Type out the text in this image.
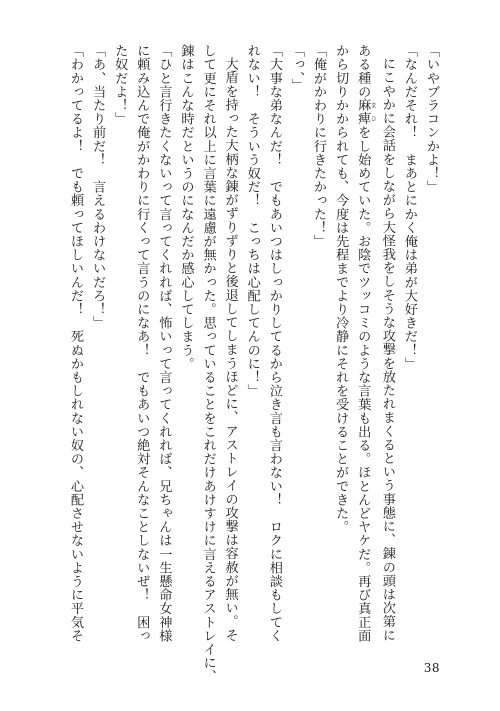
「いやブラコンかよ！」
「なんだそれ！　まあとにかく俺は弟が大好きだ！」
にこやかに会話をしながら大怪我をしそうな攻撃を放たれまくるという事態に、錬の頭は次第に
ある種の麻痺 まひをし始めていた。お陰でツッコミのような言葉も出る。ほとんどヤケだ。再び真正面
から切りかかられても、今度は先程までより冷静にそれを受けることができた。
「俺がかわりに行きたかった！」
「っ、」
「大事な弟なんだ！　でもあいつはしっかりしてるから泣き言も言わない！　ロクに相談もしてく
れない！　そういう奴だ！　こっちは心配してんのに！」
大盾を持った大柄な錬がずりずりと後退してしまうほどに、アストレイの攻撃は容赦が無い。そ
して更にそれ以上に言葉に遠慮が無かった。思っていることをこれだけあけすけに言えるアストレイに、
錬はこんな時だというのになんだか感心してしまう。
「ひと言行きたくないって言ってくれれば、怖いって言ってくれれば、兄ちゃんは一生懸命女神様
に頼み込んで俺がかわりに行くって言うのになあ！　でもあいつ絶対そんなことしないぜ！　困っ
た奴だよ！」
「あ、当たり前だ！　言えるわけないだろ！」
「わかってるよ！　でも頼ってほしいんだ！　死ぬかもしれない奴の、心配させないように平気そ
38
